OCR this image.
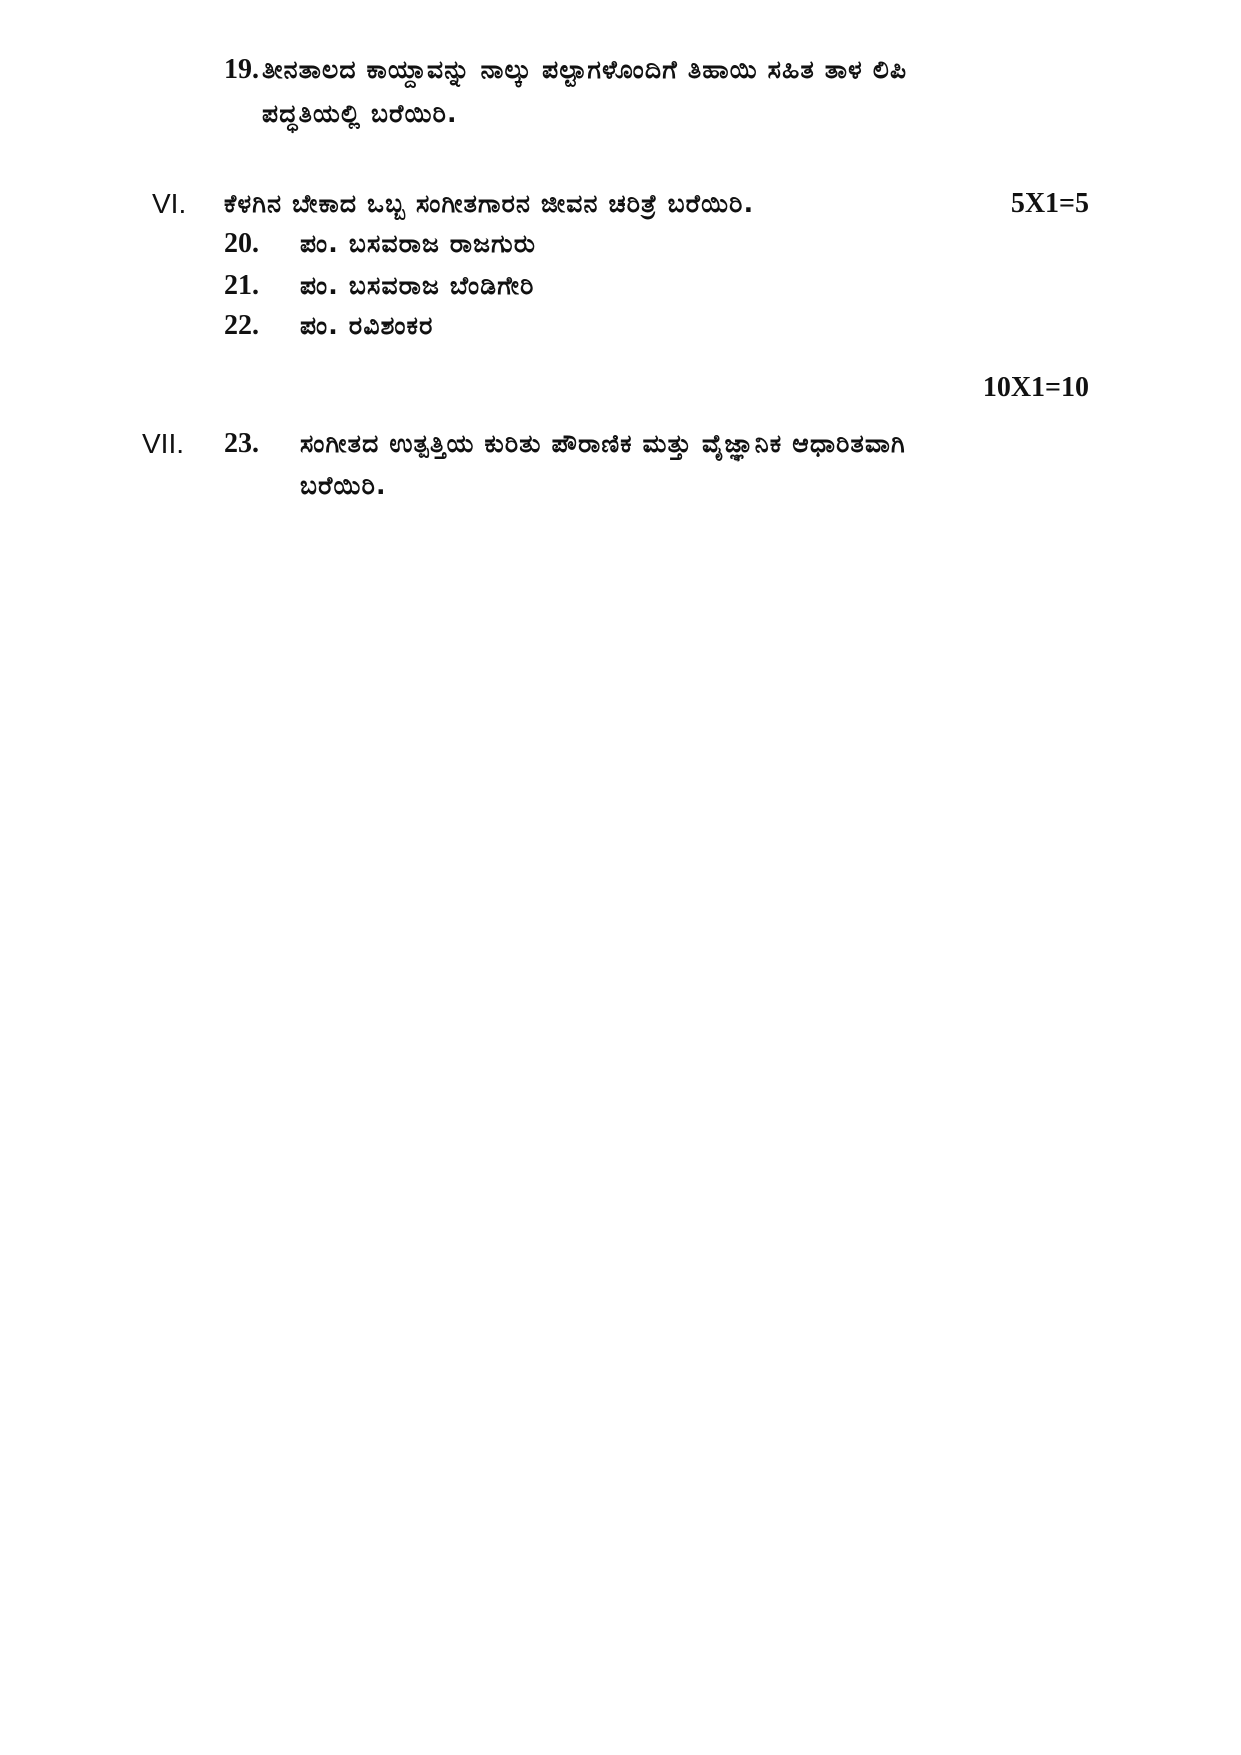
19. ತೀನತಾಲದ ಕಾಯ್ದಾವನ್ನು ನಾಲ್ಕು ಪಲ್ಟಾಗಳೊಂದಿಗೆ ತಿಹಾಯಿ ಸಹಿತ ತಾಳ ಲಿಪಿ
ಪದ್ಧತಿಯಲ್ಲಿ ಬರೆಯಿರಿ.
VI. ಕೆಳಗಿನ ಬೇಕಾದ ಒಬ್ಬ ಸಂಗೀತಗಾರನ ಜೀವನ ಚರಿತ್ರೆ ಬರೆಯಿರಿ.	5X1=5
20. ಪಂ. ಬಸವರಾಜ ರಾಜಗುರು
21. ಪಂ. ಬಸವರಾಜ ಬೆಂಡಿಗೇರಿ
22. ಪಂ. ರವಿಶಂಕರ
10X1=10
VII. 23. ಸಂಗೀತದ ಉತ್ಪತ್ತಿಯ ಕುರಿತು ಪೌರಾಣಿಕ ಮತ್ತು ವೈಜ್ಞಾನಿಕ ಆಧಾರಿತವಾಗಿ
ಬರೆಯಿರಿ.
